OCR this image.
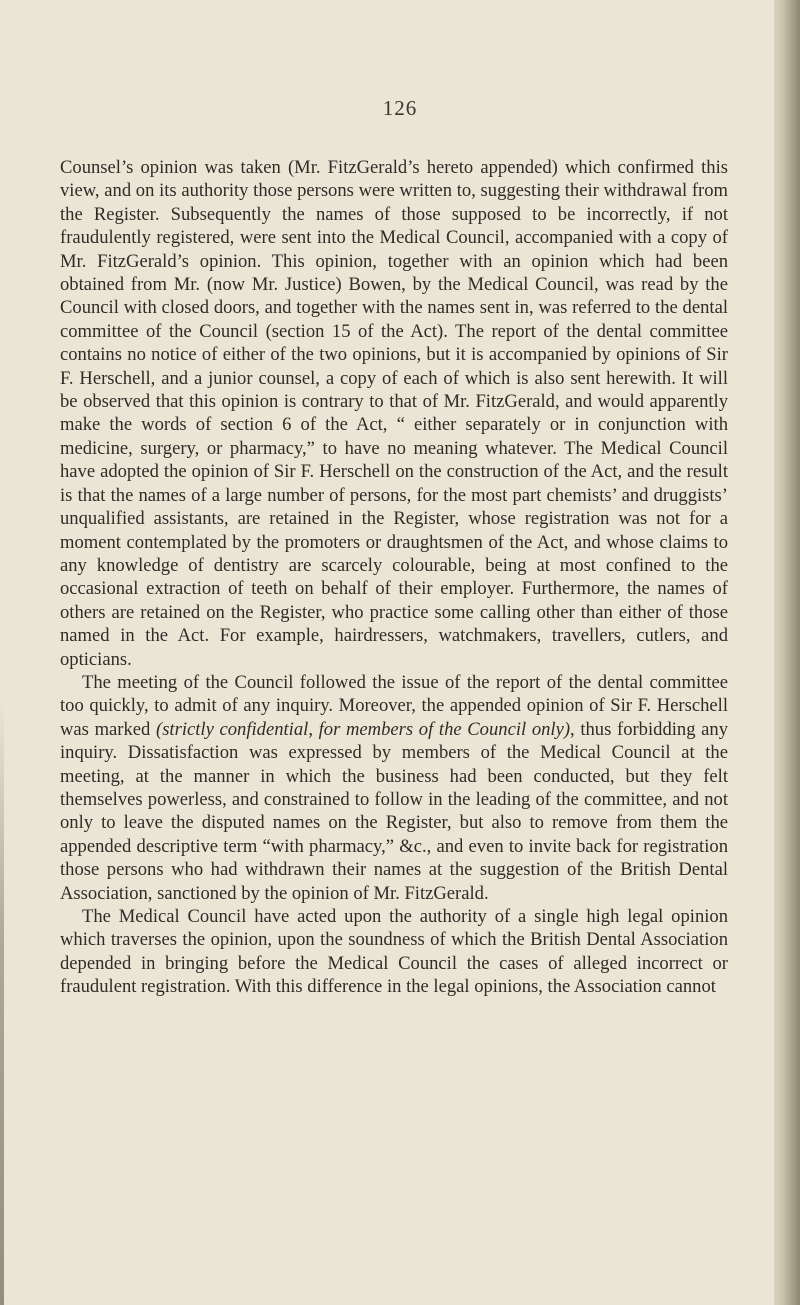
126

Counsel’s opinion was taken (Mr. FitzGerald’s hereto appended) which confirmed this view, and on its authority those persons were written to, suggesting their withdrawal from the Register. Subsequently the names of those supposed to be incorrectly, if not fraudulently registered, were sent into the Medical Council, accompanied with a copy of Mr. FitzGerald’s opinion. This opinion, together with an opinion which had been obtained from Mr. (now Mr. Justice) Bowen, by the Medical Council, was read by the Council with closed doors, and together with the names sent in, was referred to the dental committee of the Council (section 15 of the Act). The report of the dental committee contains no notice of either of the two opinions, but it is accompanied by opinions of Sir F. Herschell, and a junior counsel, a copy of each of which is also sent herewith. It will be observed that this opinion is contrary to that of Mr. FitzGerald, and would apparently make the words of section 6 of the Act, “ either separately or in conjunction with medicine, surgery, or pharmacy,” to have no meaning whatever. The Medical Council have adopted the opinion of Sir F. Herschell on the construction of the Act, and the result is that the names of a large number of persons, for the most part chemists’ and druggists’ unqualified assistants, are retained in the Register, whose registration was not for a moment contemplated by the promoters or draughtsmen of the Act, and whose claims to any knowledge of dentistry are scarcely colourable, being at most confined to the occasional extraction of teeth on behalf of their employer. Furthermore, the names of others are retained on the Register, who practice some calling other than either of those named in the Act. For example, hairdressers, watchmakers, travellers, cutlers, and opticians.

The meeting of the Council followed the issue of the report of the dental committee too quickly, to admit of any inquiry. Moreover, the appended opinion of Sir F. Herschell was marked (strictly confidential, for members of the Council only), thus forbidding any inquiry. Dissatisfaction was expressed by members of the Medical Council at the meeting, at the manner in which the business had been conducted, but they felt themselves powerless, and constrained to follow in the leading of the committee, and not only to leave the disputed names on the Register, but also to remove from them the appended descriptive term “with pharmacy,” &c., and even to invite back for registration those persons who had withdrawn their names at the suggestion of the British Dental Association, sanctioned by the opinion of Mr. FitzGerald.

The Medical Council have acted upon the authority of a single high legal opinion which traverses the opinion, upon the soundness of which the British Dental Association depended in bringing before the Medical Council the cases of alleged incorrect or fraudulent registration. With this difference in the legal opinions, the Association cannot
